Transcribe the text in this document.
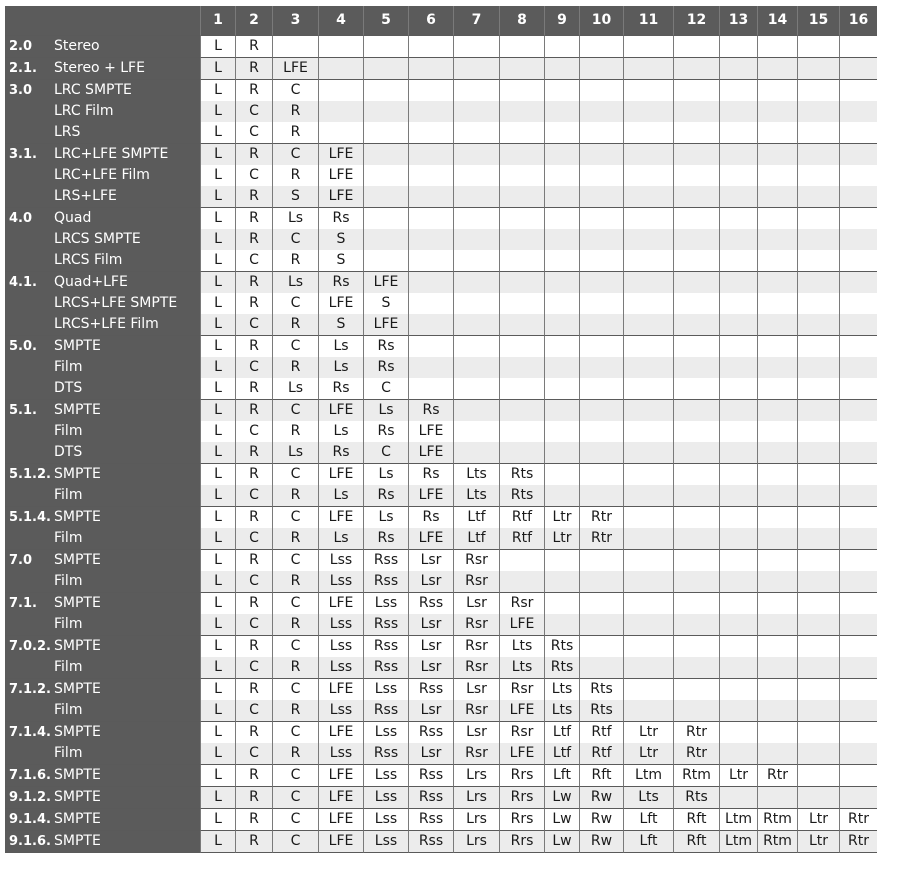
		1	2	3	4	5	6	7	8	9	10	11	12	13	14	15	16
2.0	Stereo	L	R														
2.1.	Stereo + LFE	L	R	LFE													
3.0	LRC SMPTE	L	R	C													
	LRC Film	L	C	R													
	LRS	L	C	R													
3.1.	LRC+LFE SMPTE	L	R	C	LFE												
	LRC+LFE Film	L	C	R	LFE												
	LRS+LFE	L	R	S	LFE												
4.0	Quad	L	R	Ls	Rs												
	LRCS SMPTE	L	R	C	S												
	LRCS Film	L	C	R	S												
4.1.	Quad+LFE	L	R	Ls	Rs	LFE											
	LRCS+LFE SMPTE	L	R	C	LFE	S											
	LRCS+LFE Film	L	C	R	S	LFE											
5.0.	SMPTE	L	R	C	Ls	Rs											
	Film	L	C	R	Ls	Rs											
	DTS	L	R	Ls	Rs	C											
5.1.	SMPTE	L	R	C	LFE	Ls	Rs										
	Film	L	C	R	Ls	Rs	LFE										
	DTS	L	R	Ls	Rs	C	LFE										
5.1.2.	SMPTE	L	R	C	LFE	Ls	Rs	Lts	Rts								
	Film	L	C	R	Ls	Rs	LFE	Lts	Rts								
5.1.4.	SMPTE	L	R	C	LFE	Ls	Rs	Ltf	Rtf	Ltr	Rtr						
	Film	L	C	R	Ls	Rs	LFE	Ltf	Rtf	Ltr	Rtr						
7.0	SMPTE	L	R	C	Lss	Rss	Lsr	Rsr									
	Film	L	C	R	Lss	Rss	Lsr	Rsr									
7.1.	SMPTE	L	R	C	LFE	Lss	Rss	Lsr	Rsr								
	Film	L	C	R	Lss	Rss	Lsr	Rsr	LFE								
7.0.2.	SMPTE	L	R	C	Lss	Rss	Lsr	Rsr	Lts	Rts							
	Film	L	C	R	Lss	Rss	Lsr	Rsr	Lts	Rts							
7.1.2.	SMPTE	L	R	C	LFE	Lss	Rss	Lsr	Rsr	Lts	Rts						
	Film	L	C	R	Lss	Rss	Lsr	Rsr	LFE	Lts	Rts						
7.1.4.	SMPTE	L	R	C	LFE	Lss	Rss	Lsr	Rsr	Ltf	Rtf	Ltr	Rtr				
	Film	L	C	R	Lss	Rss	Lsr	Rsr	LFE	Ltf	Rtf	Ltr	Rtr				
7.1.6.	SMPTE	L	R	C	LFE	Lss	Rss	Lrs	Rrs	Lft	Rft	Ltm	Rtm	Ltr	Rtr		
9.1.2.	SMPTE	L	R	C	LFE	Lss	Rss	Lrs	Rrs	Lw	Rw	Lts	Rts				
9.1.4.	SMPTE	L	R	C	LFE	Lss	Rss	Lrs	Rrs	Lw	Rw	Lft	Rft	Ltm	Rtm	Ltr	Rtr
9.1.6.	SMPTE	L	R	C	LFE	Lss	Rss	Lrs	Rrs	Lw	Rw	Lft	Rft	Ltm	Rtm	Ltr	Rtr
